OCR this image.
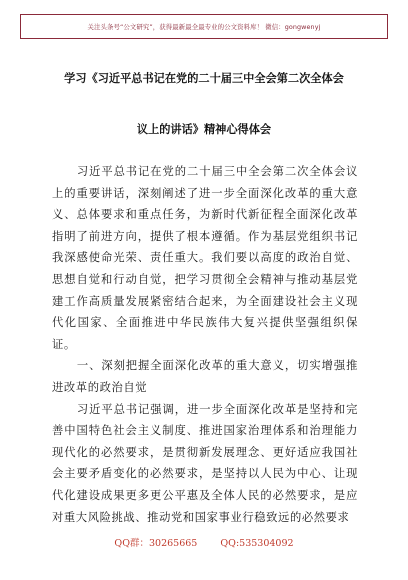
关注头条号“公文研究”，获得最新最全最专业的公文资料库！ 微信：gongwenyj
学习《习近平总书记在党的二十届三中全会第二次全体会
议上的讲话》精神心得体会

习近平总书记在党的二十届三中全会第二次全体会议上的重要讲话，深刻阐述了进一步全面深化改革的重大意义、总体要求和重点任务，为新时代新征程全面深化改革指明了前进方向，提供了根本遵循。作为基层党组织书记我深感使命光荣、责任重大。我们要以高度的政治自觉、思想自觉和行动自觉，把学习贯彻全会精神与推动基层党建工作高质量发展紧密结合起来，为全面建设社会主义现代化国家、全面推进中华民族伟大复兴提供坚强组织保证。

一、深刻把握全面深化改革的重大意义，切实增强推进改革的政治自觉

习近平总书记强调，进一步全面深化改革是坚持和完善中国特色社会主义制度、推进国家治理体系和治理能力现代化的必然要求，是贯彻新发展理念、更好适应我国社会主要矛盾变化的必然要求，是坚持以人民为中心、让现代化建设成果更多更公平惠及全体人民的必然要求，是应对重大风险挑战、推动党和国家事业行稳致远的必然要求

QQ群：30265665 QQ:535304092
